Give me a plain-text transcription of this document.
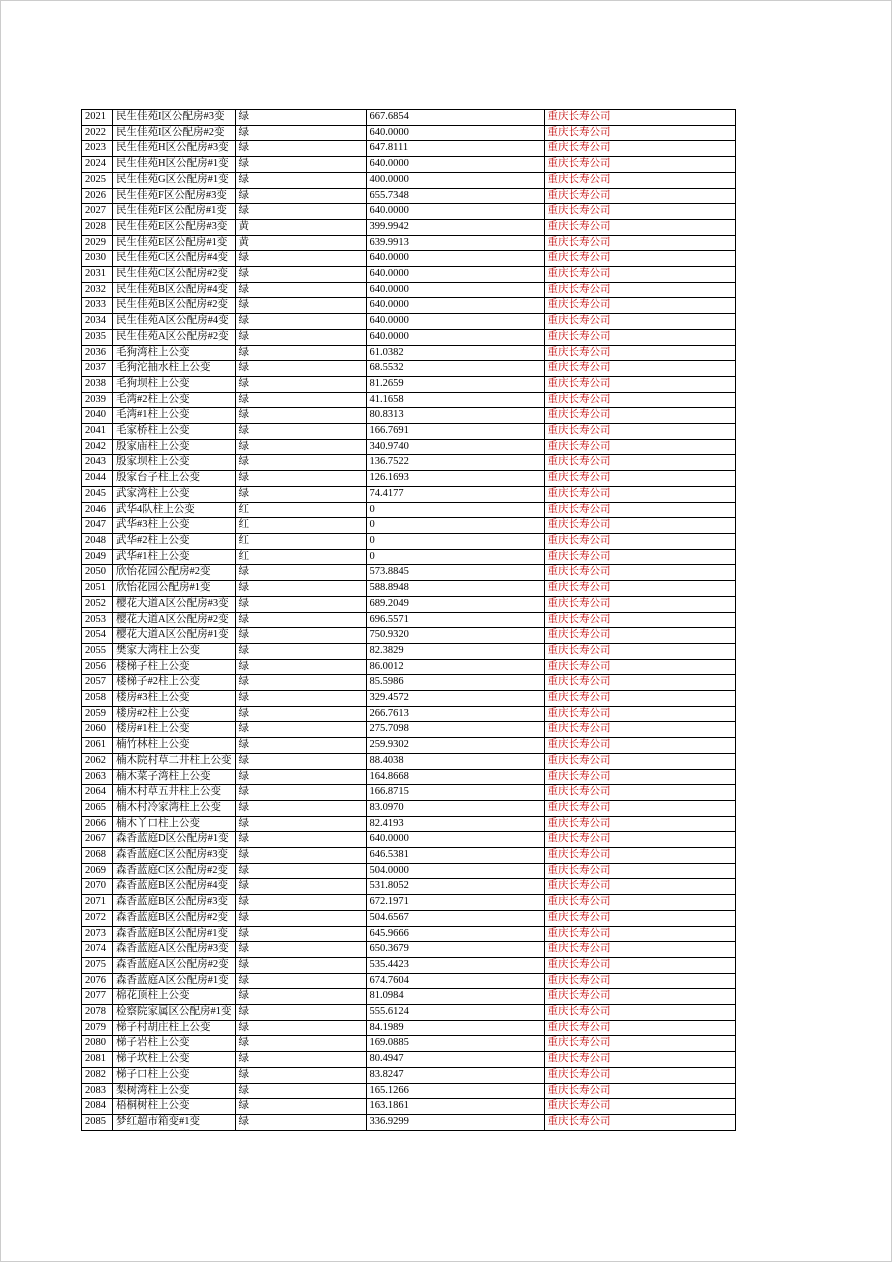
2021	民生佳苑I区公配房#3变	绿	667.6854	重庆长寿公司
2022	民生佳苑I区公配房#2变	绿	640.0000	重庆长寿公司
2023	民生佳苑H区公配房#3变	绿	647.8111	重庆长寿公司
2024	民生佳苑H区公配房#1变	绿	640.0000	重庆长寿公司
2025	民生佳苑G区公配房#1变	绿	400.0000	重庆长寿公司
2026	民生佳苑F区公配房#3变	绿	655.7348	重庆长寿公司
2027	民生佳苑F区公配房#1变	绿	640.0000	重庆长寿公司
2028	民生佳苑E区公配房#3变	黄	399.9942	重庆长寿公司
2029	民生佳苑E区公配房#1变	黄	639.9913	重庆长寿公司
2030	民生佳苑C区公配房#4变	绿	640.0000	重庆长寿公司
2031	民生佳苑C区公配房#2变	绿	640.0000	重庆长寿公司
2032	民生佳苑B区公配房#4变	绿	640.0000	重庆长寿公司
2033	民生佳苑B区公配房#2变	绿	640.0000	重庆长寿公司
2034	民生佳苑A区公配房#4变	绿	640.0000	重庆长寿公司
2035	民生佳苑A区公配房#2变	绿	640.0000	重庆长寿公司
2036	毛狗湾柱上公变	绿	61.0382	重庆长寿公司
2037	毛狗沱抽水柱上公变	绿	68.5532	重庆长寿公司
2038	毛狗坝柱上公变	绿	81.2659	重庆长寿公司
2039	毛湾#2柱上公变	绿	41.1658	重庆长寿公司
2040	毛湾#1柱上公变	绿	80.8313	重庆长寿公司
2041	毛家桥柱上公变	绿	166.7691	重庆长寿公司
2042	殷家庙柱上公变	绿	340.9740	重庆长寿公司
2043	殷家坝柱上公变	绿	136.7522	重庆长寿公司
2044	殷家台子柱上公变	绿	126.1693	重庆长寿公司
2045	武家湾柱上公变	绿	74.4177	重庆长寿公司
2046	武华4队柱上公变	红	0	重庆长寿公司
2047	武华#3柱上公变	红	0	重庆长寿公司
2048	武华#2柱上公变	红	0	重庆长寿公司
2049	武华#1柱上公变	红	0	重庆长寿公司
2050	欣怡花园公配房#2变	绿	573.8845	重庆长寿公司
2051	欣怡花园公配房#1变	绿	588.8948	重庆长寿公司
2052	樱花大道A区公配房#3变	绿	689.2049	重庆长寿公司
2053	樱花大道A区公配房#2变	绿	696.5571	重庆长寿公司
2054	樱花大道A区公配房#1变	绿	750.9320	重庆长寿公司
2055	樊家大湾柱上公变	绿	82.3829	重庆长寿公司
2056	楼梯子柱上公变	绿	86.0012	重庆长寿公司
2057	楼梯子#2柱上公变	绿	85.5986	重庆长寿公司
2058	楼房#3柱上公变	绿	329.4572	重庆长寿公司
2059	楼房#2柱上公变	绿	266.7613	重庆长寿公司
2060	楼房#1柱上公变	绿	275.7098	重庆长寿公司
2061	楠竹林柱上公变	绿	259.9302	重庆长寿公司
2062	楠木院村草二井柱上公变	绿	88.4038	重庆长寿公司
2063	楠木菜子湾柱上公变	绿	164.8668	重庆长寿公司
2064	楠木村草五井柱上公变	绿	166.8715	重庆长寿公司
2065	楠木村冷家湾柱上公变	绿	83.0970	重庆长寿公司
2066	楠木丫口柱上公变	绿	82.4193	重庆长寿公司
2067	森香蓝庭D区公配房#1变	绿	640.0000	重庆长寿公司
2068	森香蓝庭C区公配房#3变	绿	646.5381	重庆长寿公司
2069	森香蓝庭C区公配房#2变	绿	504.0000	重庆长寿公司
2070	森香蓝庭B区公配房#4变	绿	531.8052	重庆长寿公司
2071	森香蓝庭B区公配房#3变	绿	672.1971	重庆长寿公司
2072	森香蓝庭B区公配房#2变	绿	504.6567	重庆长寿公司
2073	森香蓝庭B区公配房#1变	绿	645.9666	重庆长寿公司
2074	森香蓝庭A区公配房#3变	绿	650.3679	重庆长寿公司
2075	森香蓝庭A区公配房#2变	绿	535.4423	重庆长寿公司
2076	森香蓝庭A区公配房#1变	绿	674.7604	重庆长寿公司
2077	棉花顶柱上公变	绿	81.0984	重庆长寿公司
2078	检察院家属区公配房#1变	绿	555.6124	重庆长寿公司
2079	梯子村胡庄柱上公变	绿	84.1989	重庆长寿公司
2080	梯子岩柱上公变	绿	169.0885	重庆长寿公司
2081	梯子坎柱上公变	绿	80.4947	重庆长寿公司
2082	梯子口柱上公变	绿	83.8247	重庆长寿公司
2083	梨树湾柱上公变	绿	165.1266	重庆长寿公司
2084	梧桐树柱上公变	绿	163.1861	重庆长寿公司
2085	梦红超市箱变#1变	绿	336.9299	重庆长寿公司
